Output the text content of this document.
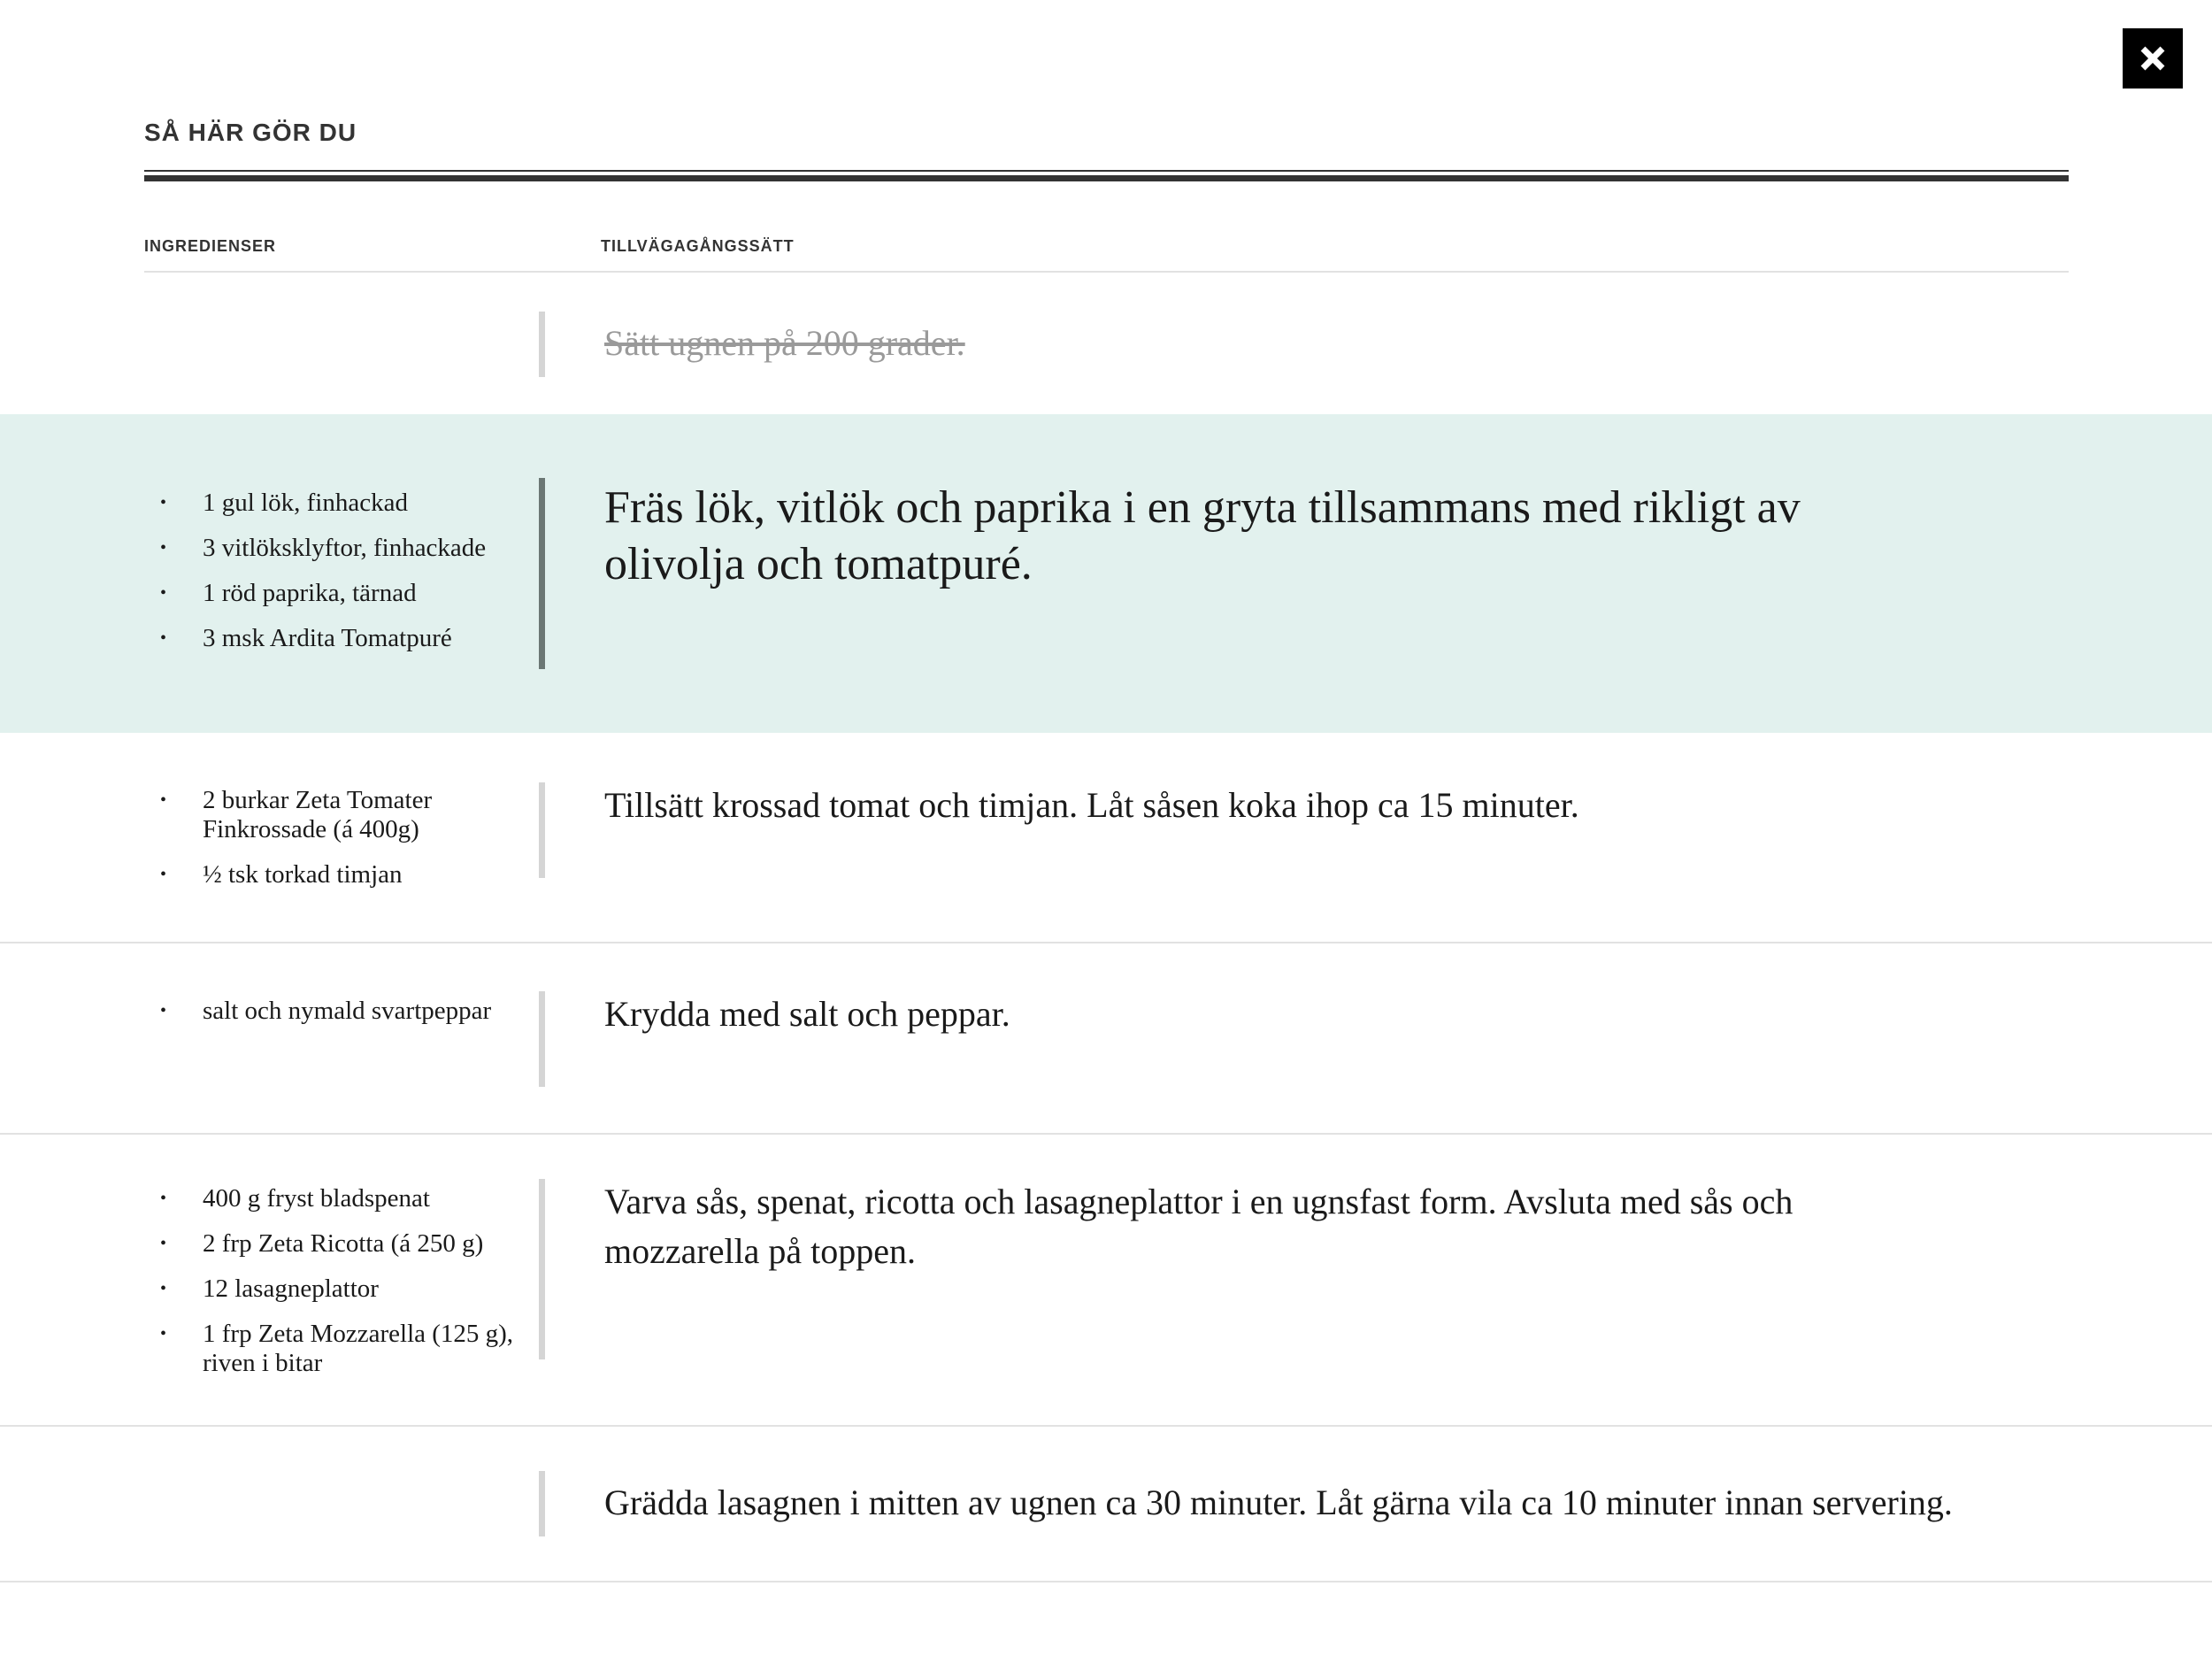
SÅ HÄR GÖR DU
INGREDIENSER	TILLVÄGAGÅNGSSÄTT

Sätt ugnen på 200 grader.

• 1 gul lök, finhackad
• 3 vitlöksklyftor, finhackade
• 1 röd paprika, tärnad
• 3 msk Ardita Tomatpuré

Fräs lök, vitlök och paprika i en gryta tillsammans med rikligt av olivolja och tomatpuré.

• 2 burkar Zeta Tomater Finkrossade (á 400g)
• ½ tsk torkad timjan

Tillsätt krossad tomat och timjan. Låt såsen koka ihop ca 15 minuter.

• salt och nymald svartpeppar	Krydda med salt och peppar.

• 400 g fryst bladspenat
• 2 frp Zeta Ricotta (á 250 g)
• 12 lasagneplattor
• 1 frp Zeta Mozzarella (125 g), riven i bitar

Varva sås, spenat, ricotta och lasagneplattor i en ugnsfast form. Avsluta med sås och mozzarella på toppen.

Grädda lasagnen i mitten av ugnen ca 30 minuter. Låt gärna vila ca 10 minuter innan servering.
